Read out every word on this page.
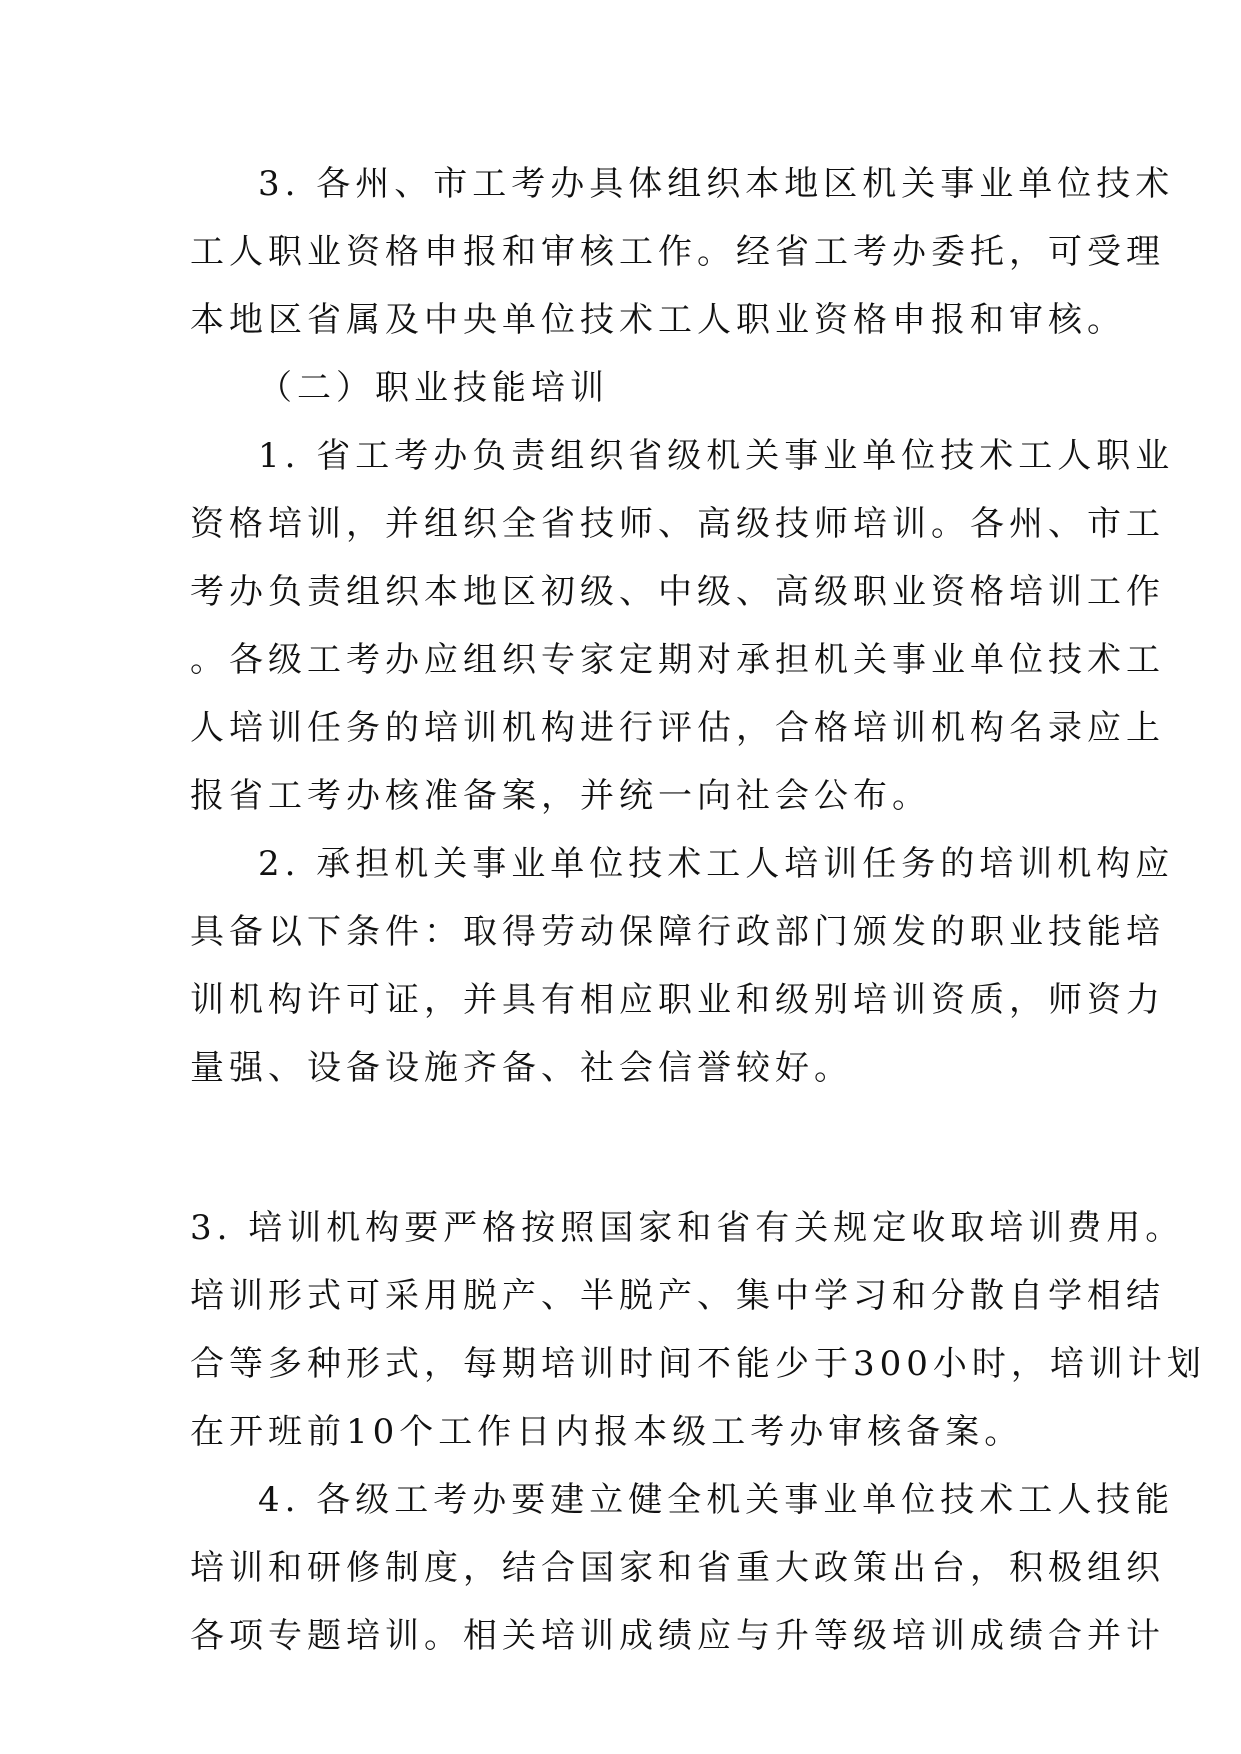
3. 各州、市工考办具体组织本地区机关事业单位技术
工人职业资格申报和审核工作。经省工考办委托，可受理
本地区省属及中央单位技术工人职业资格申报和审核。
（二）职业技能培训
1. 省工考办负责组织省级机关事业单位技术工人职业
资格培训，并组织全省技师、高级技师培训。各州、市工
考办负责组织本地区初级、中级、高级职业资格培训工作
。各级工考办应组织专家定期对承担机关事业单位技术工
人培训任务的培训机构进行评估，合格培训机构名录应上
报省工考办核准备案，并统一向社会公布。
2. 承担机关事业单位技术工人培训任务的培训机构应
具备以下条件：取得劳动保障行政部门颁发的职业技能培
训机构许可证，并具有相应职业和级别培训资质，师资力
量强、设备设施齐备、社会信誉较好。
3. 培训机构要严格按照国家和省有关规定收取培训费用。
培训形式可采用脱产、半脱产、集中学习和分散自学相结
合等多种形式，每期培训时间不能少于300小时，培训计划
在开班前10个工作日内报本级工考办审核备案。
4. 各级工考办要建立健全机关事业单位技术工人技能
培训和研修制度，结合国家和省重大政策出台，积极组织
各项专题培训。相关培训成绩应与升等级培训成绩合并计
